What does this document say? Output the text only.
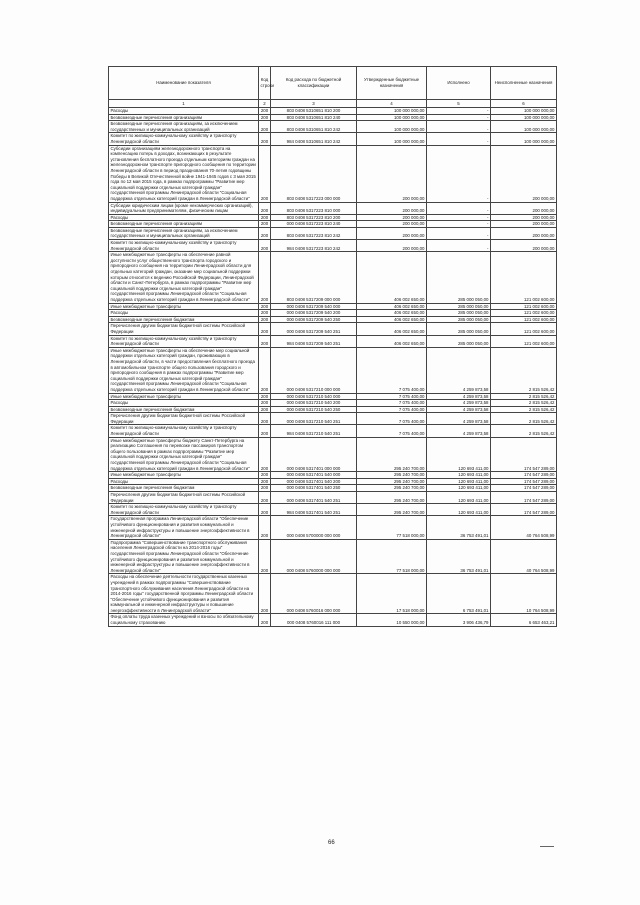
Наименование показателя	Код строки	Код расхода по бюджетной классификации	Утвержденные бюджетные назначения	Исполнено	Неисполненные назначения
1	2	3	4	5	6
Расходы	200	803 0408 5310651 810 200	100 000 000,00	-	100 000 000,00
Безвозмездные перечисления организациям	200	803 0408 5310651 810 240	100 000 000,00	-	100 000 000,00
Безвозмездные перечисления организациям, за исключением государственных и муниципальных организаций	200	803 0408 5310651 810 242	100 000 000,00	-	100 000 000,00
Комитет по жилищно-коммунальному хозяйству и транспорту Ленинградской области	200	984 0408 5310651 810 242	100 000 000,00	-	100 000 000,00
Субсидии организациям железнодорожного транспорта на компенсацию потерь в доходах, возникающих в результате установления бесплатного проезда отдельным категориям граждан на железнодорожном транспорте пригородного сообщения по территории Ленинградской области в период празднования 70-летия годовщины Победы в Великой Отечественной войне 1941-1945 годов с 3 мая 2015 года по 12 мая 2015 года, в рамках подпрограммы "Развитие мер социальной поддержки отдельных категорий граждан" государственной программы Ленинградской области "Социальная поддержка отдельных категорий граждан в Ленинградской области"	200	803 0408 5317223 000 000	200 000,00	-	200 000,00
Субсидии юридическим лицам (кроме некоммерческих организаций), индивидуальным предпринимателям, физическим лицам	200	803 0408 5317223 810 000	200 000,00	-	200 000,00
Расходы	200	803 0408 5317223 810 200	200 000,00	-	200 000,00
Безвозмездные перечисления организациям	200	000 0408 5317223 810 240	200 000,00	-	200 000,00
Безвозмездные перечисления организациям, за исключением государственных и муниципальных организаций	200	803 0408 5317223 810 242	200 000,00	-	200 000,00
Комитет по жилищно-коммунальному хозяйству и транспорту Ленинградской области	200	984 0408 5317223 810 242	200 000,00	-	200 000,00
Иные межбюджетные трансферты на обеспечение равной доступности услуг общественного транспорта городского и пригородного сообщения на территории Ленинградской области для отдельных категорий граждан, оказание мер социальной поддержки которым относится к ведению Российской Федерации, Ленинградской области и Санкт-Петербурга, в рамках подпрограммы "Развитие мер социальной поддержки отдельных категорий граждан" государственной программы Ленинградской области "Социальная поддержка отдельных категорий граждан в Ленинградской области"	200	803 0408 5317209 000 000	406 002 650,00	285 000 050,00	121 002 600,00
Иные межбюджетные трансферты	200	000 0408 5317209 540 000	406 002 650,00	285 000 050,00	121 002 600,00
Расходы	200	000 0408 5317209 540 200	406 002 650,00	285 000 050,00	121 002 600,00
Безвозмездные перечисления бюджетам	200	000 0408 5317209 540 250	406 002 650,00	285 000 050,00	121 002 600,00
Перечисления другим бюджетам бюджетной системы Российской Федерации	200	000 0408 5317209 540 251	406 002 650,00	285 000 050,00	121 002 600,00
Комитет по жилищно-коммунальному хозяйству и транспорту Ленинградской области	200	984 0408 5317209 540 251	406 002 650,00	285 000 050,00	121 002 600,00
Иные межбюджетные трансферты на обеспечение мер социальной поддержки отдельных категорий граждан, проживающих в Ленинградской области, в части предоставления бесплатного проезда в автомобильном транспорте общего пользования городского и пригородного сообщения в рамках подпрограммы "Развитие мер социальной поддержки отдельных категорий граждан" государственной программы Ленинградской области "Социальная поддержка отдельных категорий граждан в Ленинградской области"	200	000 0408 5317210 000 000	7 075 400,00	4 259 873,58	2 815 526,42
Иные межбюджетные трансферты	200	000 0408 5317210 540 000	7 075 400,00	4 259 873,58	2 815 526,42
Расходы	200	000 0408 5317210 540 200	7 075 400,00	4 259 873,58	2 815 526,42
Безвозмездные перечисления бюджетам	200	000 0408 5317210 540 250	7 075 400,00	4 259 873,58	2 815 526,42
Перечисления другим бюджетам бюджетной системы Российской Федерации	200	000 0408 5317210 540 251	7 075 400,00	4 259 873,58	2 815 526,42
Комитет по жилищно-коммунальному хозяйству и транспорту Ленинградской области	200	984 0408 5317210 540 251	7 075 400,00	4 259 873,58	2 815 526,42
Иные межбюджетные трансферты бюджету Санкт-Петербурга на реализацию Соглашения по перевозке пассажиров транспортом общего пользования в рамках подпрограммы "Развитие мер социальной поддержки отдельных категорий граждан" государственной программы Ленинградской области "Социальная поддержка отдельных категорий граждан в Ленинградской области"	200	000 0408 5317401 000 000	295 240 700,00	120 693 411,00	174 547 289,00
Иные межбюджетные трансферты	200	000 0408 5317401 540 000	295 240 700,00	120 693 411,00	174 547 289,00
Расходы	200	000 0408 5317401 540 200	295 240 700,00	120 693 411,00	174 547 289,00
Безвозмездные перечисления бюджетам	200	000 0408 5317401 540 250	295 240 700,00	120 693 411,00	174 547 289,00
Перечисления другим бюджетам бюджетной системы Российской Федерации	200	000 0408 5317401 540 251	295 240 700,00	120 693 411,00	174 547 289,00
Комитет по жилищно-коммунальному хозяйству и транспорту Ленинградской области	200	984 0408 5317401 540 251	295 240 700,00	120 693 411,00	174 547 289,00
Государственная программа Ленинградской области "Обеспечение устойчивого функционирования и развития коммунальной и инженерной инфраструктуры и повышение энергоэффективности в Ленинградской области"	200	000 0408 5700000 000 000	77 518 000,00	36 753 491,01	40 764 508,99
Подпрограмма "Совершенствование транспортного обслуживания населения Ленинградской области на 2014-2016 годы" государственной программы Ленинградской области "Обеспечение устойчивого функционирования и развития коммунальной и инженерной инфраструктуры и повышение энергоэффективности в Ленинградской области"	200	000 0408 5760000 000 000	77 518 000,00	36 753 491,01	40 764 508,99
Расходы на обеспечение деятельности государственных казенных учреждений в рамках подпрограммы "Совершенствование транспортного обслуживания населения Ленинградской области на 2014-2016 годы" государственной программы Ленинградской области "Обеспечение устойчивого функционирования и развития коммунальной и инженерной инфраструктуры и повышение энергоэффективности в Ленинградской области"	200	000 0408 5760016 000 000	17 518 000,00	6 753 491,01	10 764 508,99
Фонд оплаты труда казенных учреждений и взносы по обязательному социальному страхованию	200	000 0408 5760016 111 000	10 550 000,00	3 906 436,79	6 653 463,21
66
